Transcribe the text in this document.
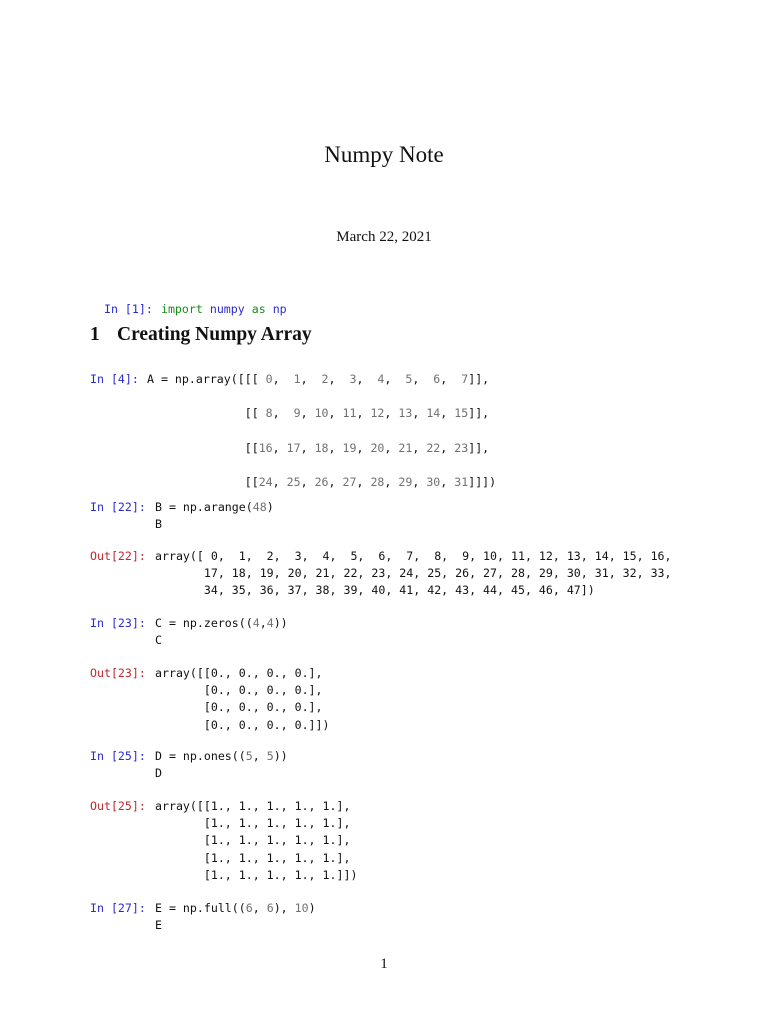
Numpy Note
March 22, 2021

In [1]: import numpy as np

1 Creating Numpy Array
In [4]: A = np.array([[[ 0,  1,  2,  3,  4,  5,  6,  7]],
[[ 8,  9, 10, 11, 12, 13, 14, 15]],
[[16, 17, 18, 19, 20, 21, 22, 23]],
[[24, 25, 26, 27, 28, 29, 30, 31]]])
In [22]: B = np.arange(48)
B
Out[22]: array([ 0,  1,  2,  3,  4,  5,  6,  7,  8,  9, 10, 11, 12, 13, 14, 15, 16,
17, 18, 19, 20, 21, 22, 23, 24, 25, 26, 27, 28, 29, 30, 31, 32, 33,
34, 35, 36, 37, 38, 39, 40, 41, 42, 43, 44, 45, 46, 47])
In [23]: C = np.zeros((4,4))
C
Out[23]: array([[0., 0., 0., 0.],
[0., 0., 0., 0.],
[0., 0., 0., 0.],
[0., 0., 0., 0.]])
In [25]: D = np.ones((5, 5))
D
Out[25]: array([[1., 1., 1., 1., 1.],
[1., 1., 1., 1., 1.],
[1., 1., 1., 1., 1.],
[1., 1., 1., 1., 1.],
[1., 1., 1., 1., 1.]])
In [27]: E = np.full((6, 6), 10)
E
1
